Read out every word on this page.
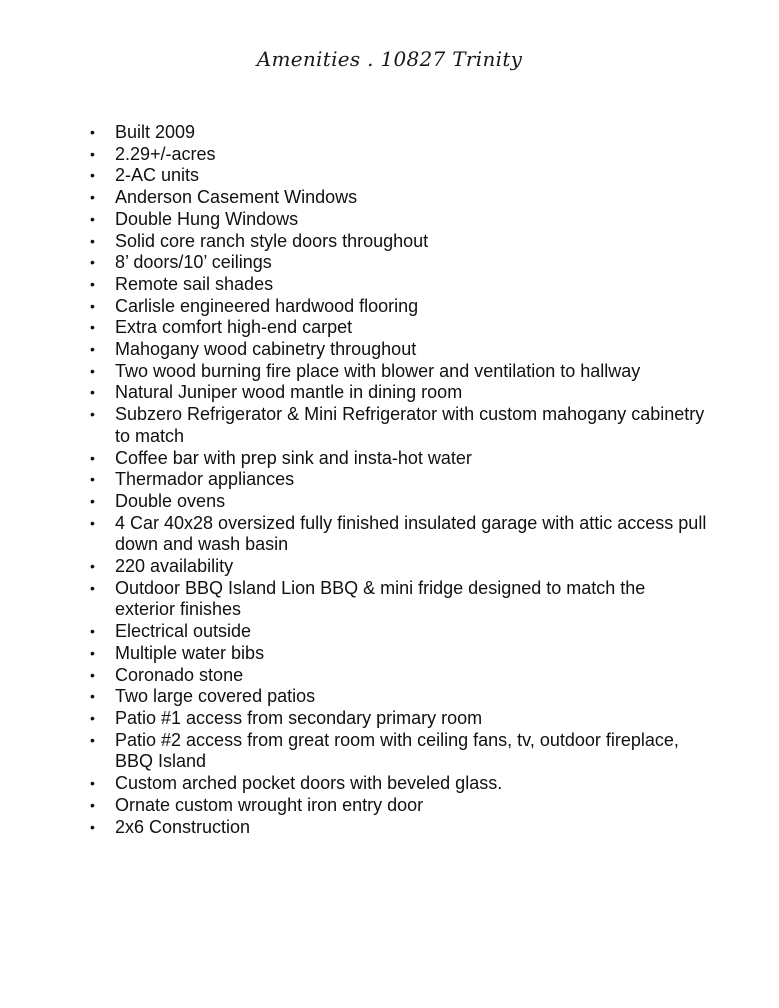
Amenities . 10827 Trinity
•	Built 2009
•	2.29+/-acres
•	2-AC units
•	Anderson Casement Windows
•	Double Hung Windows
•	Solid core ranch style doors throughout
•	8’ doors/10’ ceilings
•	Remote sail shades
•	Carlisle engineered hardwood flooring
•	Extra comfort high-end carpet
•	Mahogany wood cabinetry throughout
•	Two wood burning fire place with blower and ventilation to hallway
•	Natural Juniper wood mantle in dining room
•	Subzero Refrigerator & Mini Refrigerator with custom mahogany cabinetry to match
•	Coffee bar with prep sink and insta-hot water
•	Thermador appliances
•	Double ovens
•	4 Car 40x28 oversized fully finished insulated garage with attic access pull down and wash basin
•	220 availability
•	Outdoor BBQ Island Lion BBQ & mini fridge designed to match the exterior finishes
•	Electrical outside
•	Multiple water bibs
•	Coronado stone
•	Two large covered patios
•	Patio #1 access from secondary primary room
•	Patio #2 access from great room with ceiling fans, tv, outdoor fireplace, BBQ Island
•	Custom arched pocket doors with beveled glass.
•	Ornate custom wrought iron entry door
•	2x6 Construction
